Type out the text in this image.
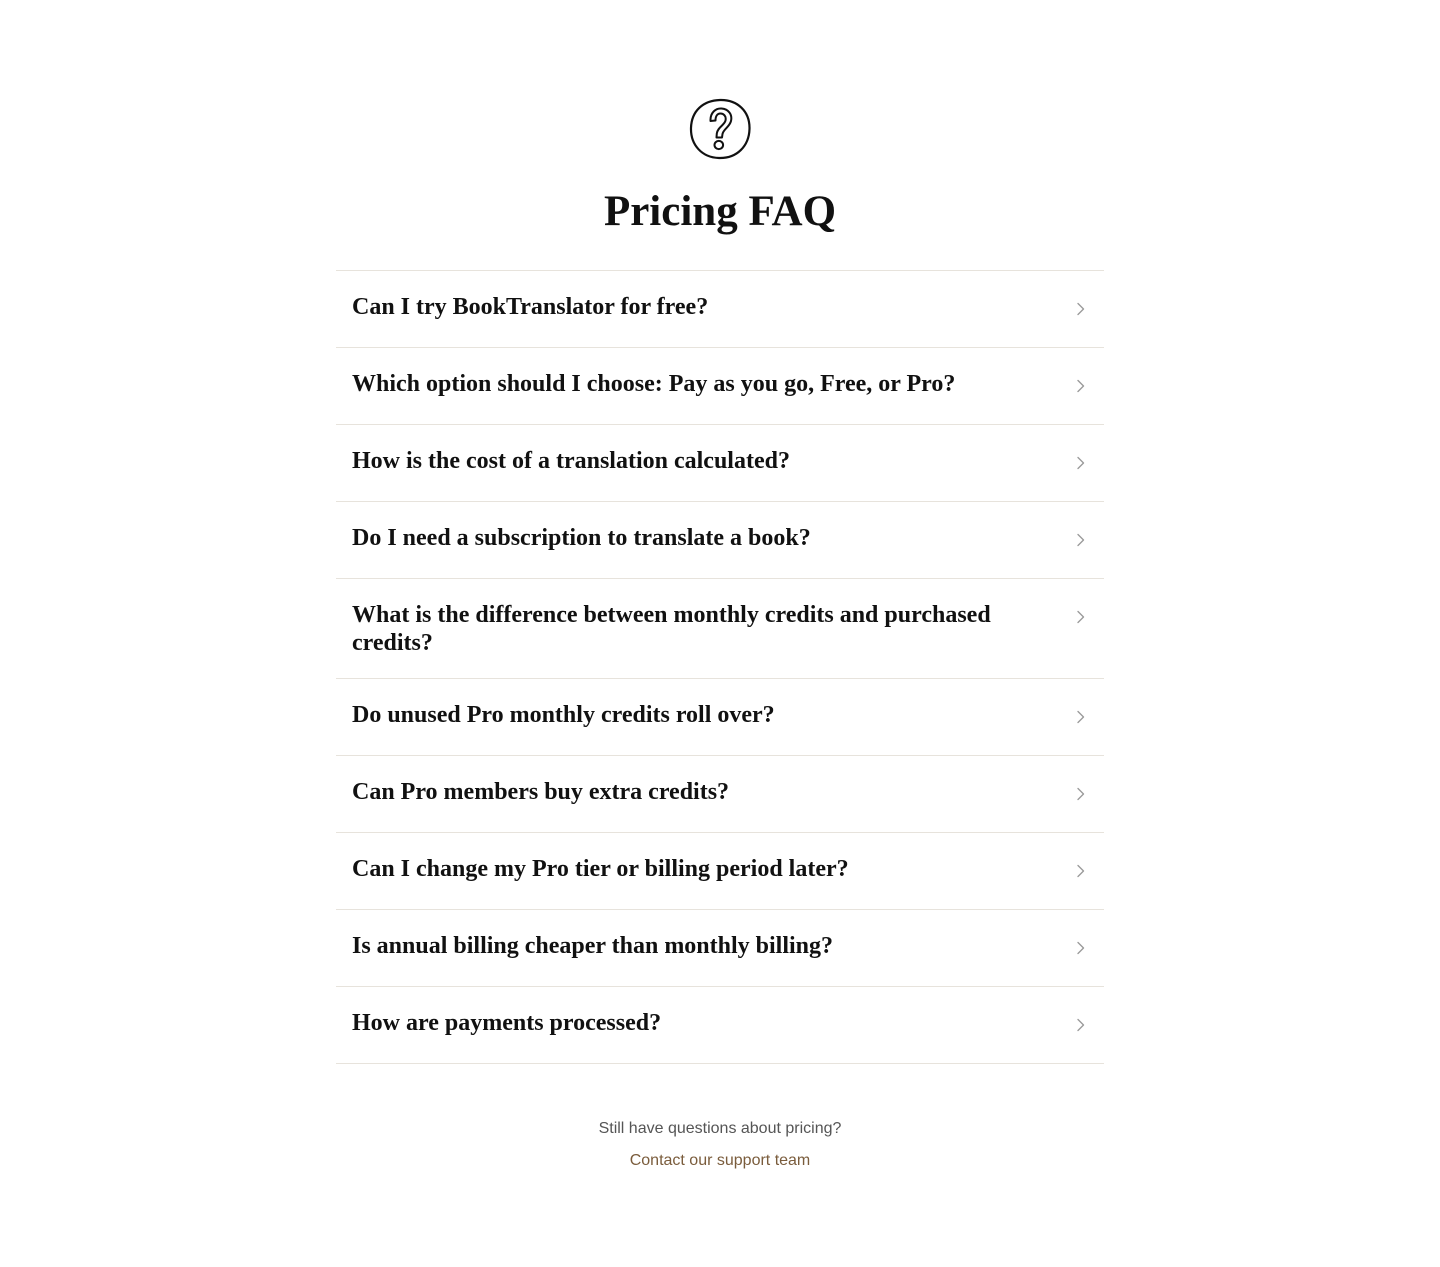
Pricing FAQ
Can I try BookTranslator for free?
Which option should I choose: Pay as you go, Free, or Pro?
How is the cost of a translation calculated?
Do I need a subscription to translate a book?
What is the difference between monthly credits and purchased credits?
Do unused Pro monthly credits roll over?
Can Pro members buy extra credits?
Can I change my Pro tier or billing period later?
Is annual billing cheaper than monthly billing?
How are payments processed?
Still have questions about pricing?
Contact our support team
